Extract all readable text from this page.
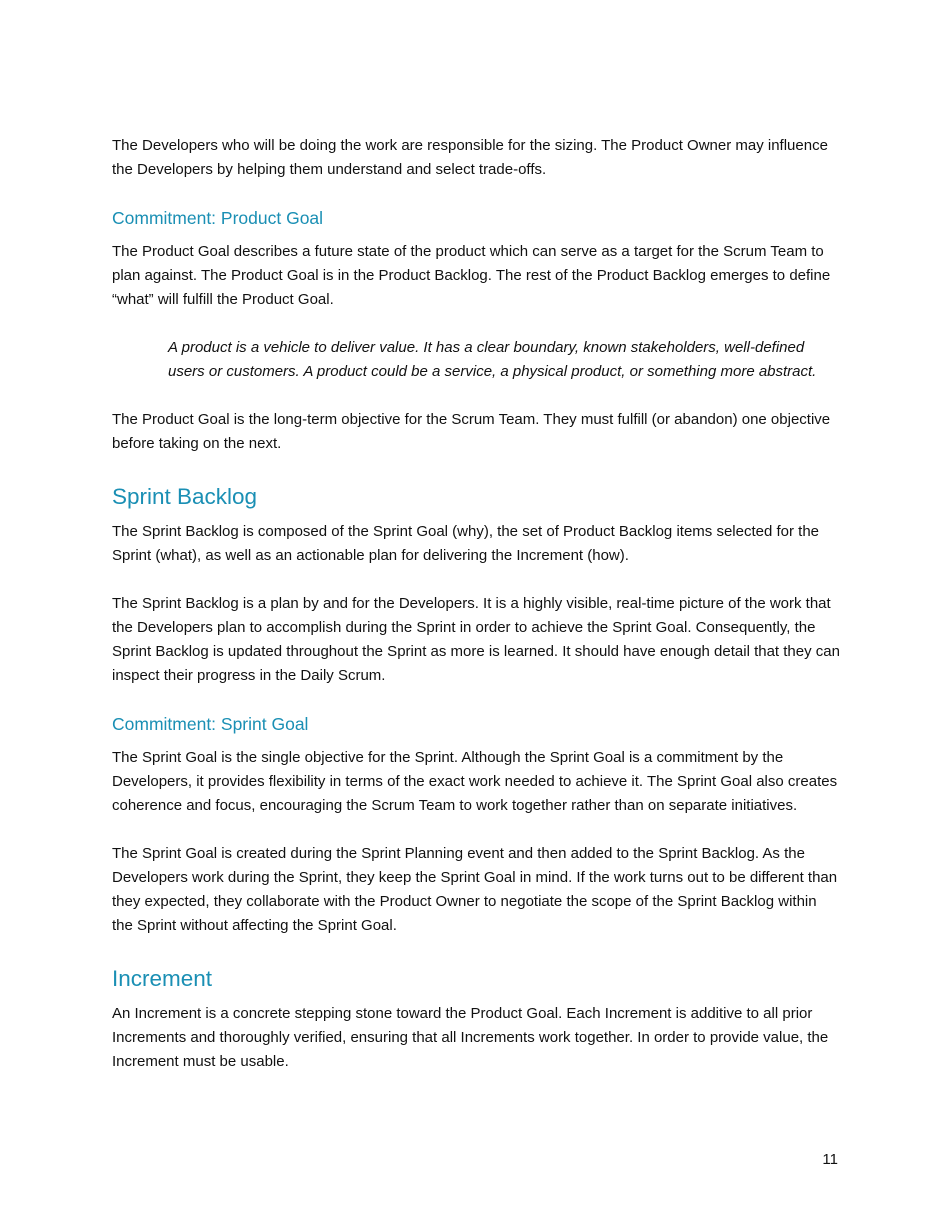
The Developers who will be doing the work are responsible for the sizing. The Product Owner may influence the Developers by helping them understand and select trade-offs.

Commitment: Product Goal

The Product Goal describes a future state of the product which can serve as a target for the Scrum Team to plan against. The Product Goal is in the Product Backlog. The rest of the Product Backlog emerges to define “what” will fulfill the Product Goal.

A product is a vehicle to deliver value. It has a clear boundary, known stakeholders, well-defined users or customers. A product could be a service, a physical product, or something more abstract.

The Product Goal is the long-term objective for the Scrum Team. They must fulfill (or abandon) one objective before taking on the next.

Sprint Backlog

The Sprint Backlog is composed of the Sprint Goal (why), the set of Product Backlog items selected for the Sprint (what), as well as an actionable plan for delivering the Increment (how).

The Sprint Backlog is a plan by and for the Developers. It is a highly visible, real-time picture of the work that the Developers plan to accomplish during the Sprint in order to achieve the Sprint Goal. Consequently, the Sprint Backlog is updated throughout the Sprint as more is learned. It should have enough detail that they can inspect their progress in the Daily Scrum.

Commitment: Sprint Goal

The Sprint Goal is the single objective for the Sprint. Although the Sprint Goal is a commitment by the Developers, it provides flexibility in terms of the exact work needed to achieve it. The Sprint Goal also creates coherence and focus, encouraging the Scrum Team to work together rather than on separate initiatives.

The Sprint Goal is created during the Sprint Planning event and then added to the Sprint Backlog. As the Developers work during the Sprint, they keep the Sprint Goal in mind. If the work turns out to be different than they expected, they collaborate with the Product Owner to negotiate the scope of the Sprint Backlog within the Sprint without affecting the Sprint Goal.

Increment

An Increment is a concrete stepping stone toward the Product Goal. Each Increment is additive to all prior Increments and thoroughly verified, ensuring that all Increments work together. In order to provide value, the Increment must be usable.

11
